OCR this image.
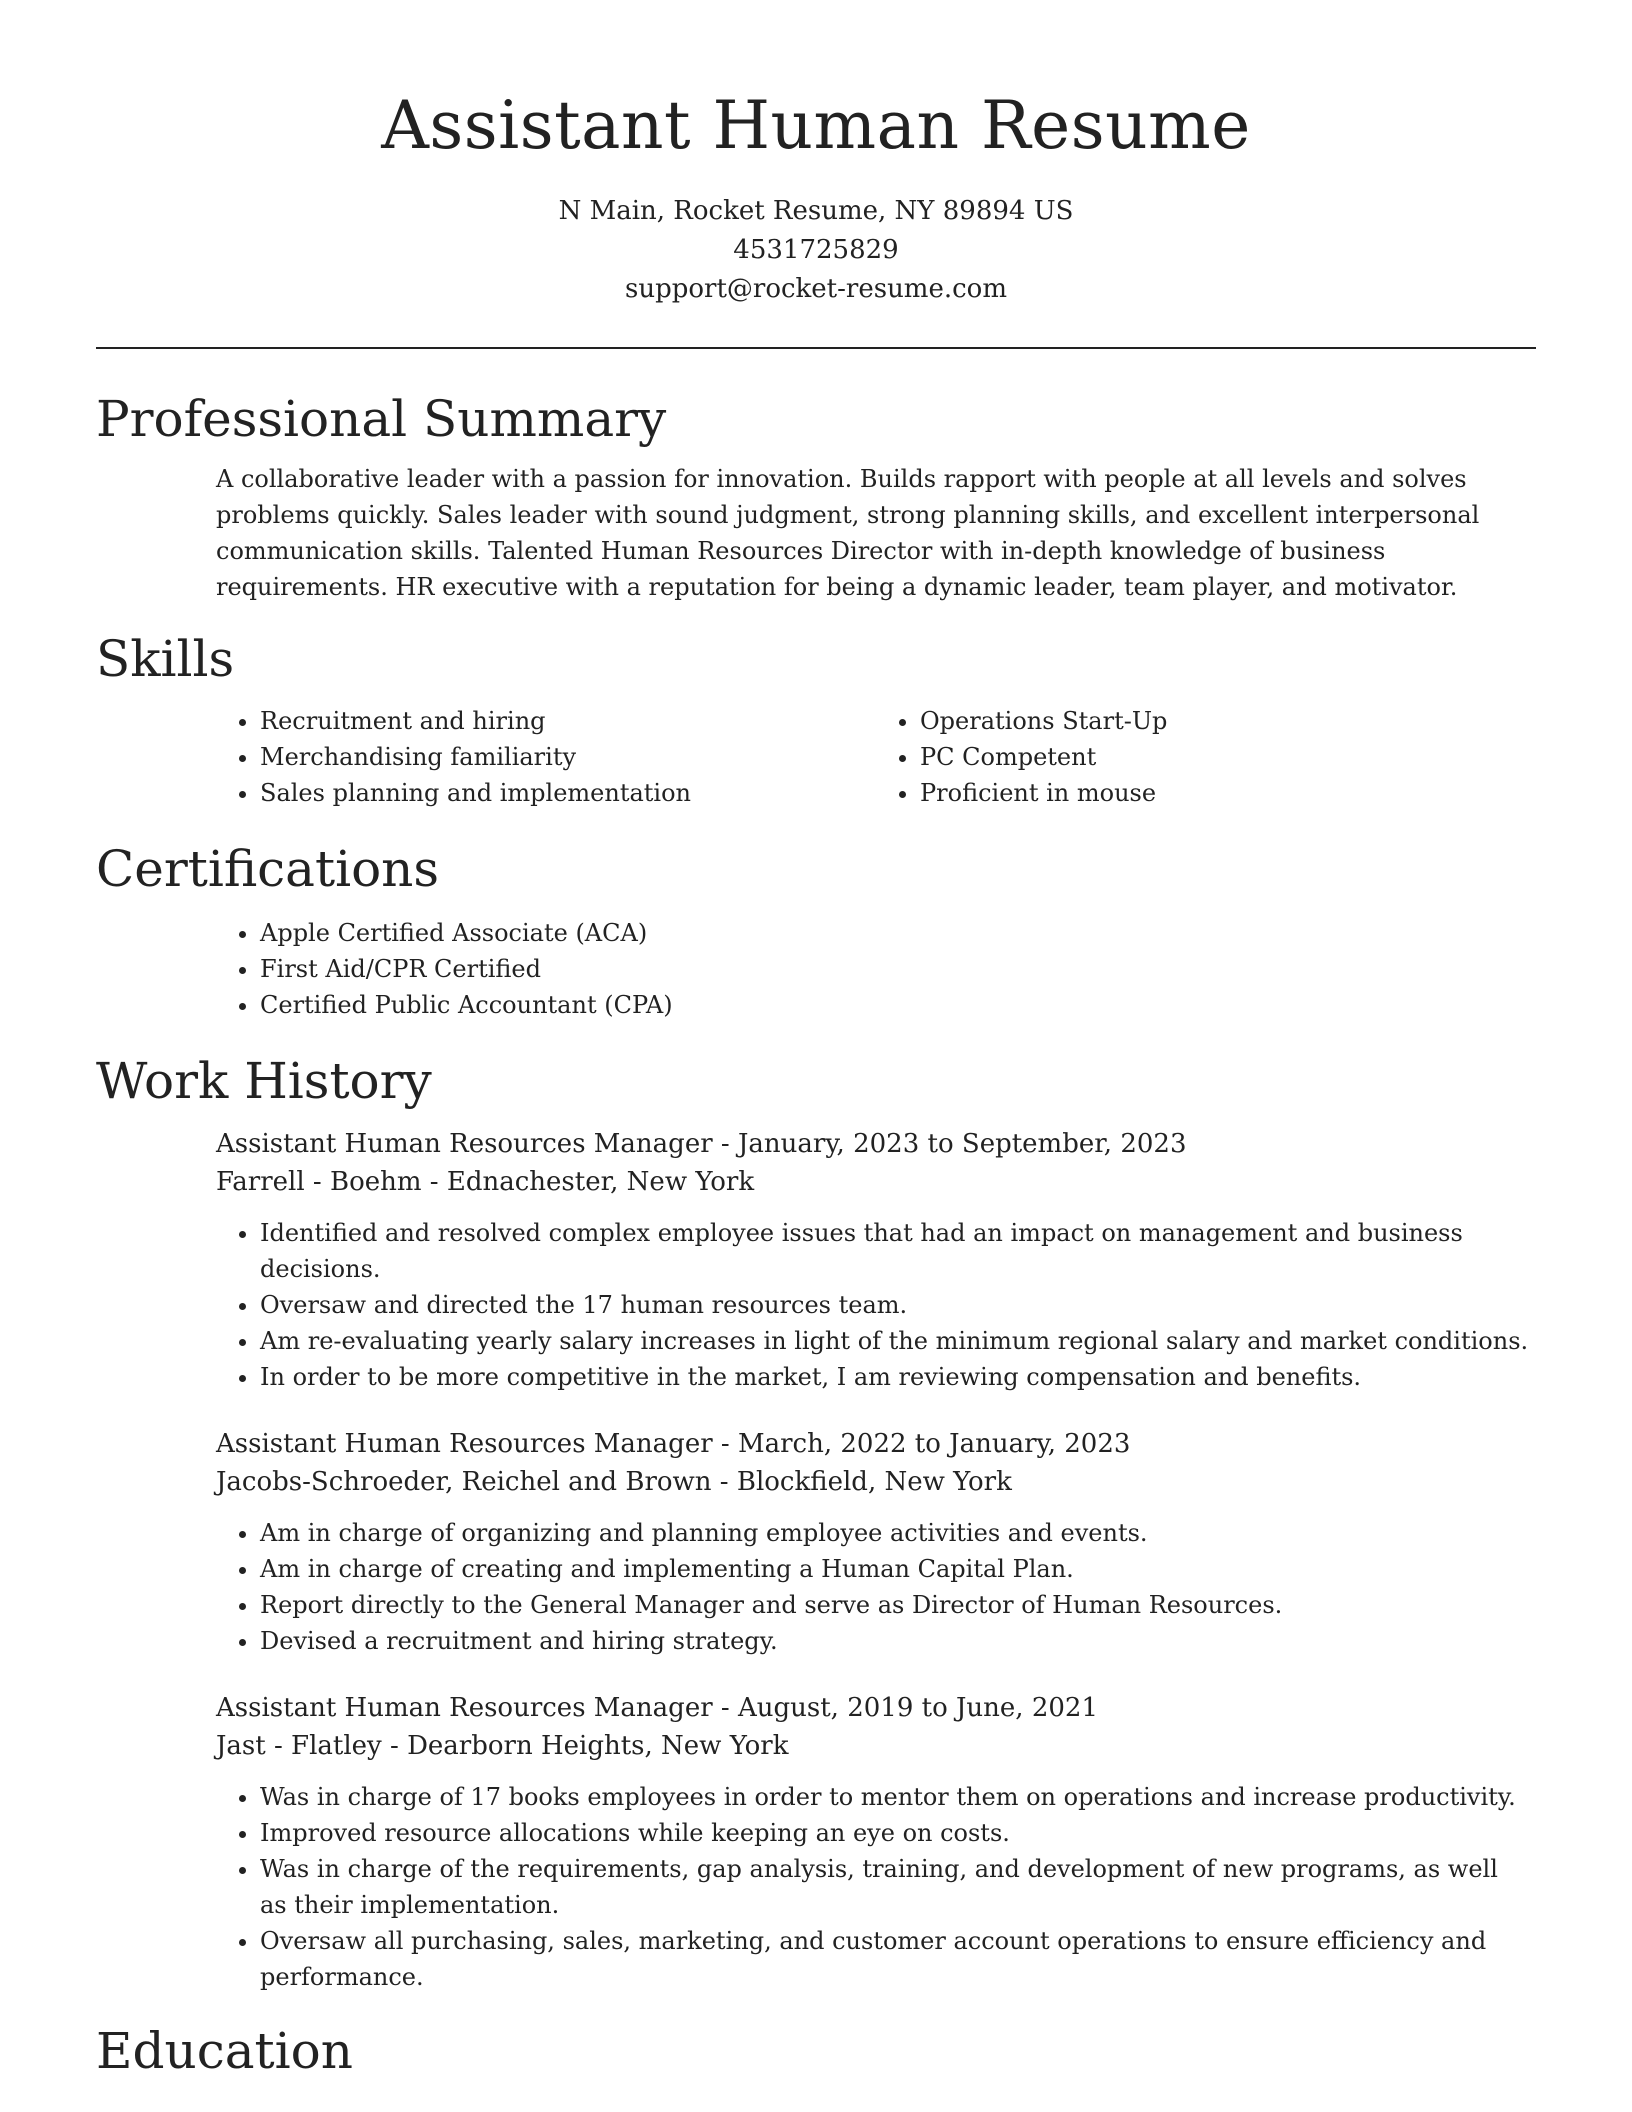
Assistant Human Resume
N Main, Rocket Resume, NY 89894 US
4531725829
support@rocket-resume.com
Professional Summary
A collaborative leader with a passion for innovation. Builds rapport with people at all levels and solves problems quickly. Sales leader with sound judgment, strong planning skills, and excellent interpersonal communication skills. Talented Human Resources Director with in-depth knowledge of business requirements. HR executive with a reputation for being a dynamic leader, team player, and motivator.
Skills
• Recruitment and hiring
• Merchandising familiarity
• Sales planning and implementation
• Operations Start-Up
• PC Competent
• Proficient in mouse
Certifications
• Apple Certified Associate (ACA)
• First Aid/CPR Certified
• Certified Public Accountant (CPA)
Work History
Assistant Human Resources Manager - January, 2023 to September, 2023
Farrell - Boehm - Ednachester, New York
• Identified and resolved complex employee issues that had an impact on management and business decisions.
• Oversaw and directed the 17 human resources team.
• Am re-evaluating yearly salary increases in light of the minimum regional salary and market conditions.
• In order to be more competitive in the market, I am reviewing compensation and benefits.
Assistant Human Resources Manager - March, 2022 to January, 2023
Jacobs-Schroeder, Reichel and Brown - Blockfield, New York
• Am in charge of organizing and planning employee activities and events.
• Am in charge of creating and implementing a Human Capital Plan.
• Report directly to the General Manager and serve as Director of Human Resources.
• Devised a recruitment and hiring strategy.
Assistant Human Resources Manager - August, 2019 to June, 2021
Jast - Flatley - Dearborn Heights, New York
• Was in charge of 17 books employees in order to mentor them on operations and increase productivity.
• Improved resource allocations while keeping an eye on costs.
• Was in charge of the requirements, gap analysis, training, and development of new programs, as well as their implementation.
• Oversaw all purchasing, sales, marketing, and customer account operations to ensure efficiency and performance.
Education
